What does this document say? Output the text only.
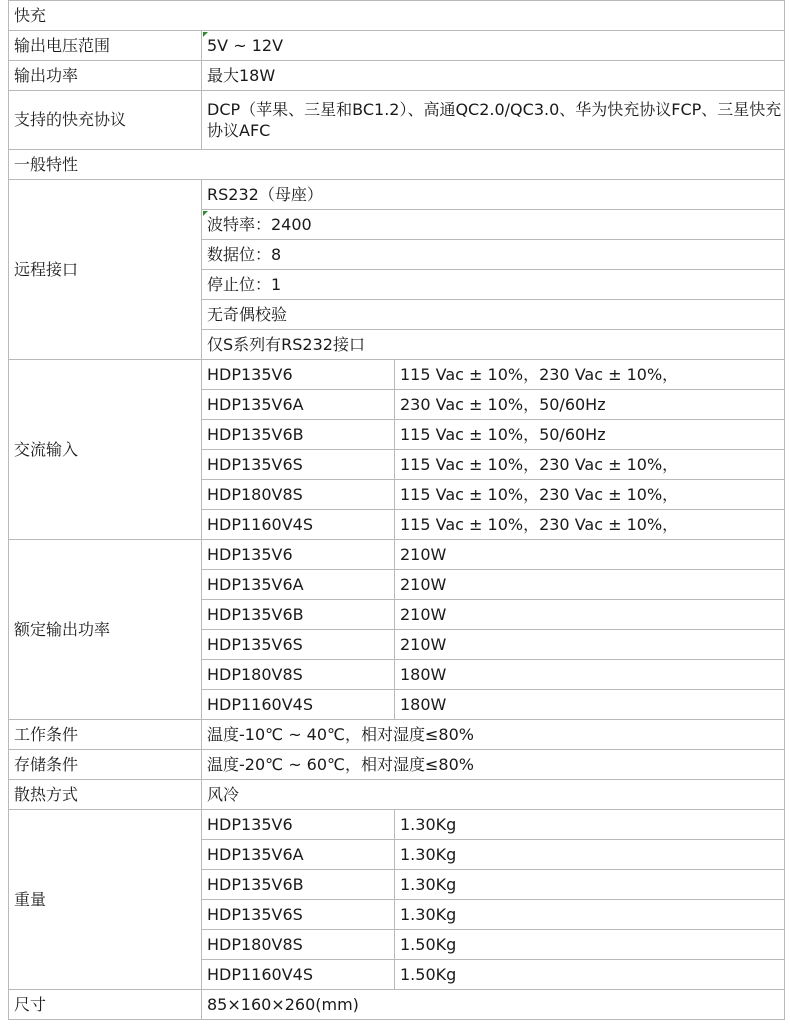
快充		
输出电压范围	5V ~ 12V	
输出功率	最大18W	
支持的快充协议	DCP（苹果、三星和BC1.2）、高通QC2.0/QC3.0、华为快充协议FCP、三星快充协议AFC	
一般特性		
远程接口	RS232（母座）	
	波特率：2400	
	数据位：8	
	停止位：1	
	无奇偶校验	
	仅S系列有RS232接口	
交流输入	HDP135V6	115 Vac ± 10%，230 Vac ± 10%，
	HDP135V6A	230 Vac ± 10%，50/60Hz
	HDP135V6B	115 Vac ± 10%，50/60Hz
	HDP135V6S	115 Vac ± 10%，230 Vac ± 10%，
	HDP180V8S	115 Vac ± 10%，230 Vac ± 10%，
	HDP1160V4S	115 Vac ± 10%，230 Vac ± 10%，
额定输出功率	HDP135V6	210W
	HDP135V6A	210W
	HDP135V6B	210W
	HDP135V6S	210W
	HDP180V8S	180W
	HDP1160V4S	180W
工作条件	温度-10℃ ~ 40℃，相对湿度≤80%	
存储条件	温度-20℃ ~ 60℃，相对湿度≤80%	
散热方式	风冷	
重量	HDP135V6	1.30Kg
	HDP135V6A	1.30Kg
	HDP135V6B	1.30Kg
	HDP135V6S	1.30Kg
	HDP180V8S	1.50Kg
	HDP1160V4S	1.50Kg
尺寸	85×160×260(mm)	
